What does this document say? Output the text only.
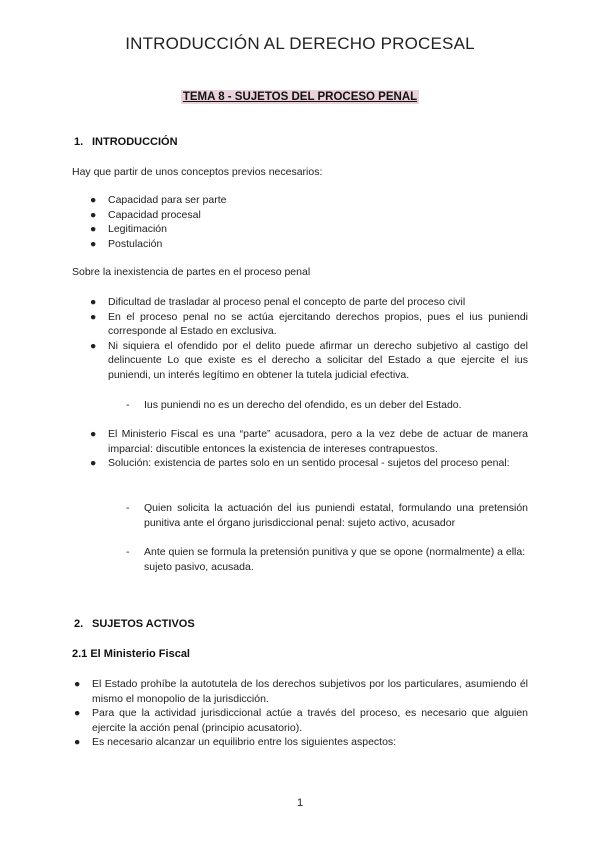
INTRODUCCIÓN AL DERECHO PROCESAL
TEMA 8 - SUJETOS DEL PROCESO PENAL
1. INTRODUCCIÓN
Hay que partir de unos conceptos previos necesarios:
● Capacidad para ser parte
● Capacidad procesal
● Legitimación
● Postulación
Sobre la inexistencia de partes en el proceso penal
● Dificultad de trasladar al proceso penal el concepto de parte del proceso civil
● En el proceso penal no se actúa ejercitando derechos propios, pues el ius puniendi corresponde al Estado en exclusiva.
● Ni siquiera el ofendido por el delito puede afirmar un derecho subjetivo al castigo del delincuente Lo que existe es el derecho a solicitar del Estado a que ejercite el ius puniendi, un interés legítimo en obtener la tutela judicial efectiva.
- Ius puniendi no es un derecho del ofendido, es un deber del Estado.
● El Ministerio Fiscal es una “parte” acusadora, pero a la vez debe de actuar de manera imparcial: discutible entonces la existencia de intereses contrapuestos.
● Solución: existencia de partes solo en un sentido procesal - sujetos del proceso penal:
- Quien solicita la actuación del ius puniendi estatal, formulando una pretensión punitiva ante el órgano jurisdiccional penal: sujeto activo, acusador
- Ante quien se formula la pretensión punitiva y que se opone (normalmente) a ella: sujeto pasivo, acusada.
2. SUJETOS ACTIVOS
2.1 El Ministerio Fiscal
● El Estado prohíbe la autotutela de los derechos subjetivos por los particulares, asumiendo él mismo el monopolio de la jurisdicción.
● Para que la actividad jurisdiccional actúe a través del proceso, es necesario que alguien ejercite la acción penal (principio acusatorio).
● Es necesario alcanzar un equilibrio entre los siguientes aspectos:
1
